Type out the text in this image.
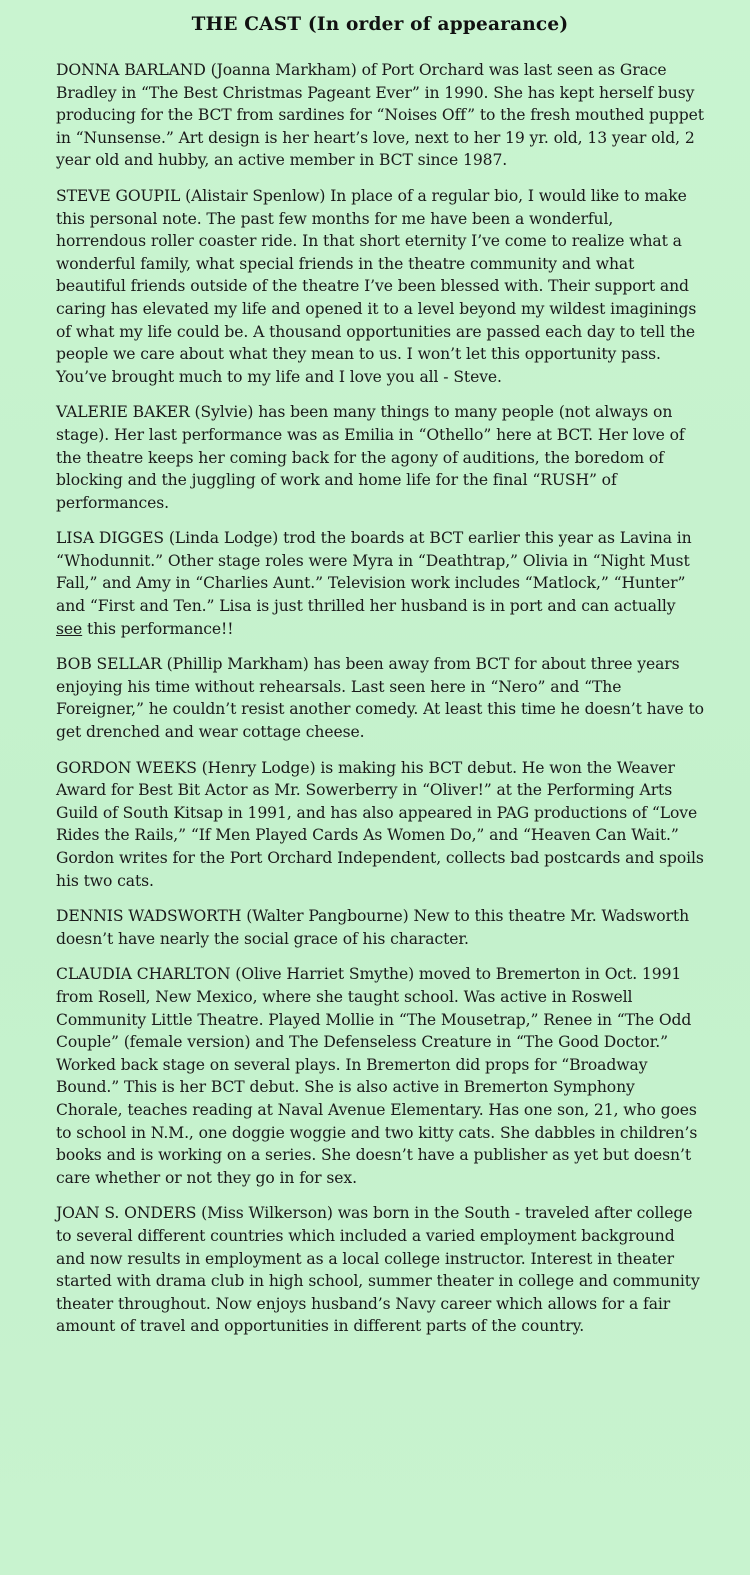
THE CAST (In order of appearance)

DONNA BARLAND (Joanna Markham) of Port Orchard was last seen as Grace Bradley in “The Best Christmas Pageant Ever” in 1990. She has kept herself busy producing for the BCT from sardines for “Noises Off” to the fresh mouthed puppet in “Nunsense.” Art design is her heart’s love, next to her 19 yr. old, 13 year old, 2 year old and hubby, an active member in BCT since 1987.

STEVE GOUPIL (Alistair Spenlow) In place of a regular bio, I would like to make this personal note. The past few months for me have been a wonderful, horrendous roller coaster ride. In that short eternity I’ve come to realize what a wonderful family, what special friends in the theatre community and what beautiful friends outside of the theatre I’ve been blessed with. Their support and caring has elevated my life and opened it to a level beyond my wildest imaginings of what my life could be. A thousand opportunities are passed each day to tell the people we care about what they mean to us. I won’t let this opportunity pass. You’ve brought much to my life and I love you all - Steve.

VALERIE BAKER (Sylvie) has been many things to many people (not always on stage). Her last performance was as Emilia in “Othello” here at BCT. Her love of the theatre keeps her coming back for the agony of auditions, the boredom of blocking and the juggling of work and home life for the final “RUSH” of performances.

LISA DIGGES (Linda Lodge) trod the boards at BCT earlier this year as Lavina in “Whodunnit.” Other stage roles were Myra in “Deathtrap,” Olivia in “Night Must Fall,” and Amy in “Charlies Aunt.” Television work includes “Matlock,” “Hunter” and “First and Ten.” Lisa is just thrilled her husband is in port and can actually see this performance!!

BOB SELLAR (Phillip Markham) has been away from BCT for about three years enjoying his time without rehearsals. Last seen here in “Nero” and “The Foreigner,” he couldn’t resist another comedy. At least this time he doesn’t have to get drenched and wear cottage cheese.

GORDON WEEKS (Henry Lodge) is making his BCT debut. He won the Weaver Award for Best Bit Actor as Mr. Sowerberry in “Oliver!” at the Performing Arts Guild of South Kitsap in 1991, and has also appeared in PAG productions of “Love Rides the Rails,” “If Men Played Cards As Women Do,” and “Heaven Can Wait.” Gordon writes for the Port Orchard Independent, collects bad postcards and spoils his two cats.

DENNIS WADSWORTH (Walter Pangbourne) New to this theatre Mr. Wadsworth doesn’t have nearly the social grace of his character.

CLAUDIA CHARLTON (Olive Harriet Smythe) moved to Bremerton in Oct. 1991 from Rosell, New Mexico, where she taught school. Was active in Roswell Community Little Theatre. Played Mollie in “The Mousetrap,” Renee in “The Odd Couple” (female version) and The Defenseless Creature in “The Good Doctor.” Worked back stage on several plays. In Bremerton did props for “Broadway Bound.” This is her BCT debut. She is also active in Bremerton Symphony Chorale, teaches reading at Naval Avenue Elementary. Has one son, 21, who goes to school in N.M., one doggie woggie and two kitty cats. She dabbles in children’s books and is working on a series. She doesn’t have a publisher as yet but doesn’t care whether or not they go in for sex.

JOAN S. ONDERS (Miss Wilkerson) was born in the South - traveled after college to several different countries which included a varied employment background and now results in employment as a local college instructor. Interest in theater started with drama club in high school, summer theater in college and community theater throughout. Now enjoys husband’s Navy career which allows for a fair amount of travel and opportunities in different parts of the country.
